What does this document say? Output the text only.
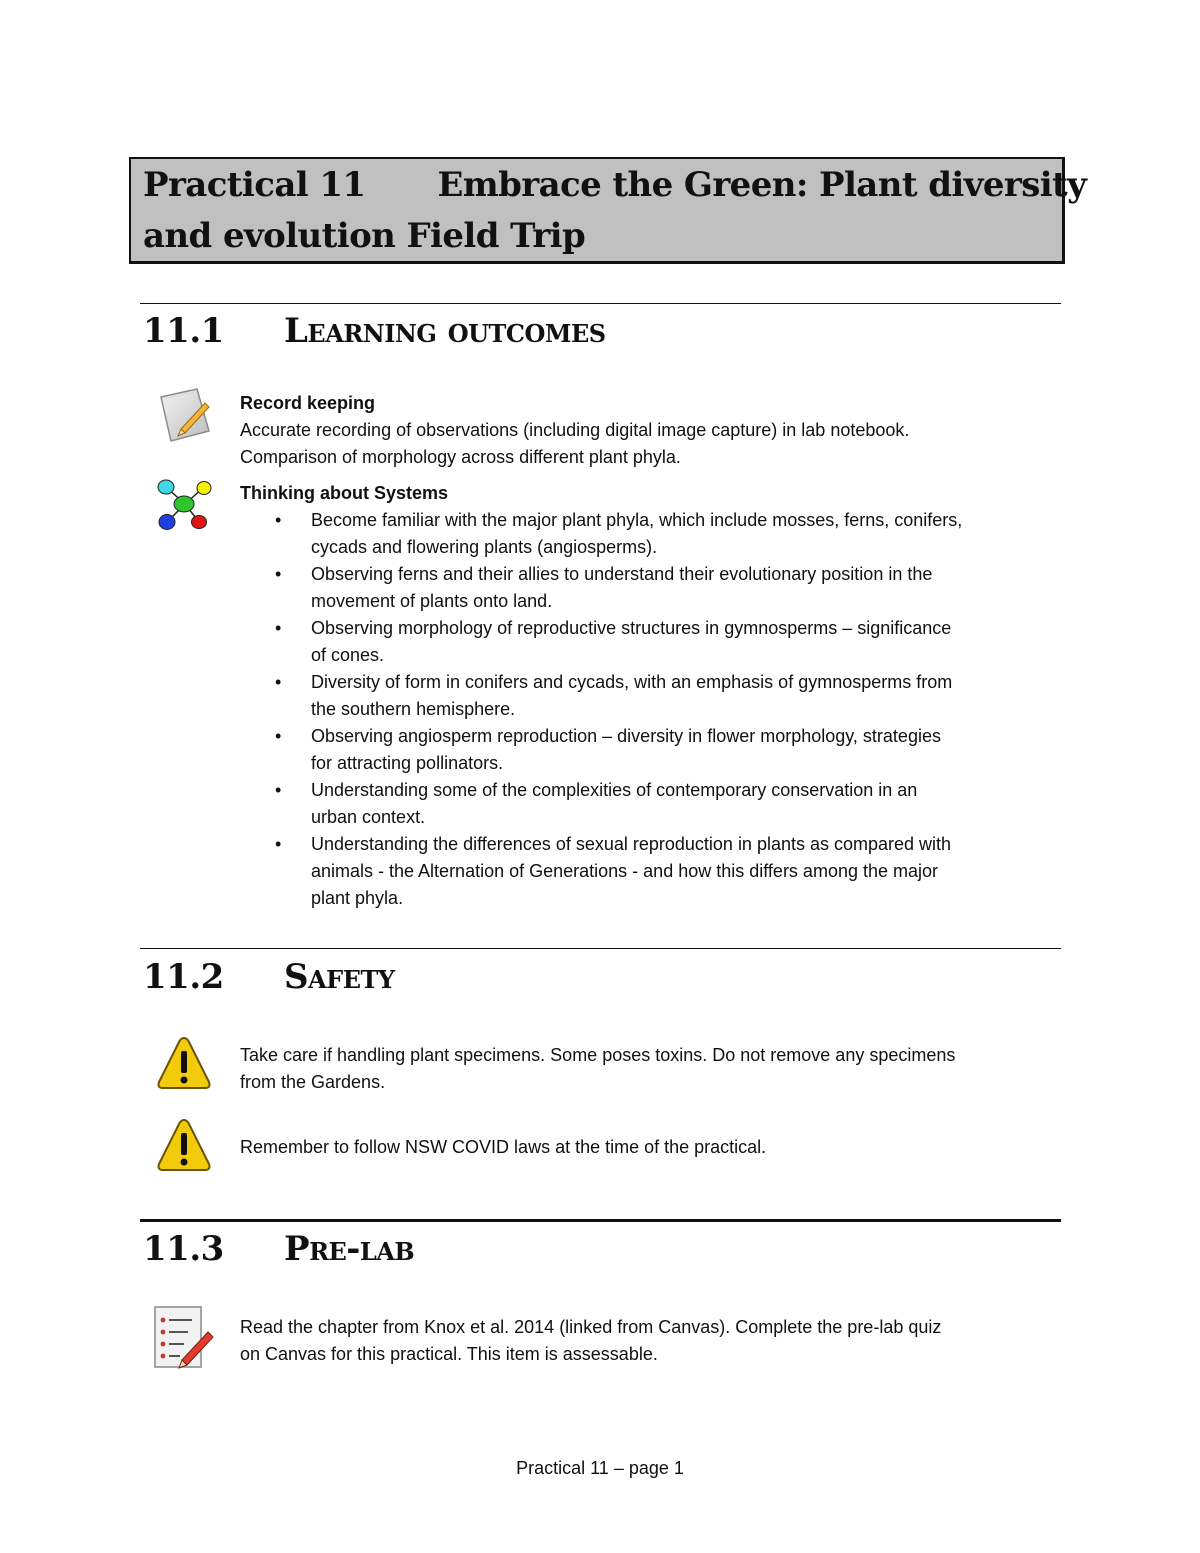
Practical 11 Embrace the Green: Plant diversity
and evolution Field Trip
11.1 Learning outcomes
Record keeping
Accurate recording of observations (including digital image capture) in lab notebook.
Comparison of morphology across different plant phyla.
Thinking about Systems
• Become familiar with the major plant phyla, which include mosses, ferns, conifers,
cycads and flowering plants (angiosperms).
• Observing ferns and their allies to understand their evolutionary position in the
movement of plants onto land.
• Observing morphology of reproductive structures in gymnosperms – significance
of cones.
• Diversity of form in conifers and cycads, with an emphasis of gymnosperms from
the southern hemisphere.
• Observing angiosperm reproduction – diversity in flower morphology, strategies
for attracting pollinators.
• Understanding some of the complexities of contemporary conservation in an
urban context.
• Understanding the differences of sexual reproduction in plants as compared with
animals - the Alternation of Generations - and how this differs among the major
plant phyla.
11.2 Safety
Take care if handling plant specimens. Some poses toxins. Do not remove any specimens
from the Gardens.
Remember to follow NSW COVID laws at the time of the practical.
11.3 Pre-lab
Read the chapter from Knox et al. 2014 (linked from Canvas). Complete the pre-lab quiz
on Canvas for this practical. This item is assessable.
Practical 11 – page 1
